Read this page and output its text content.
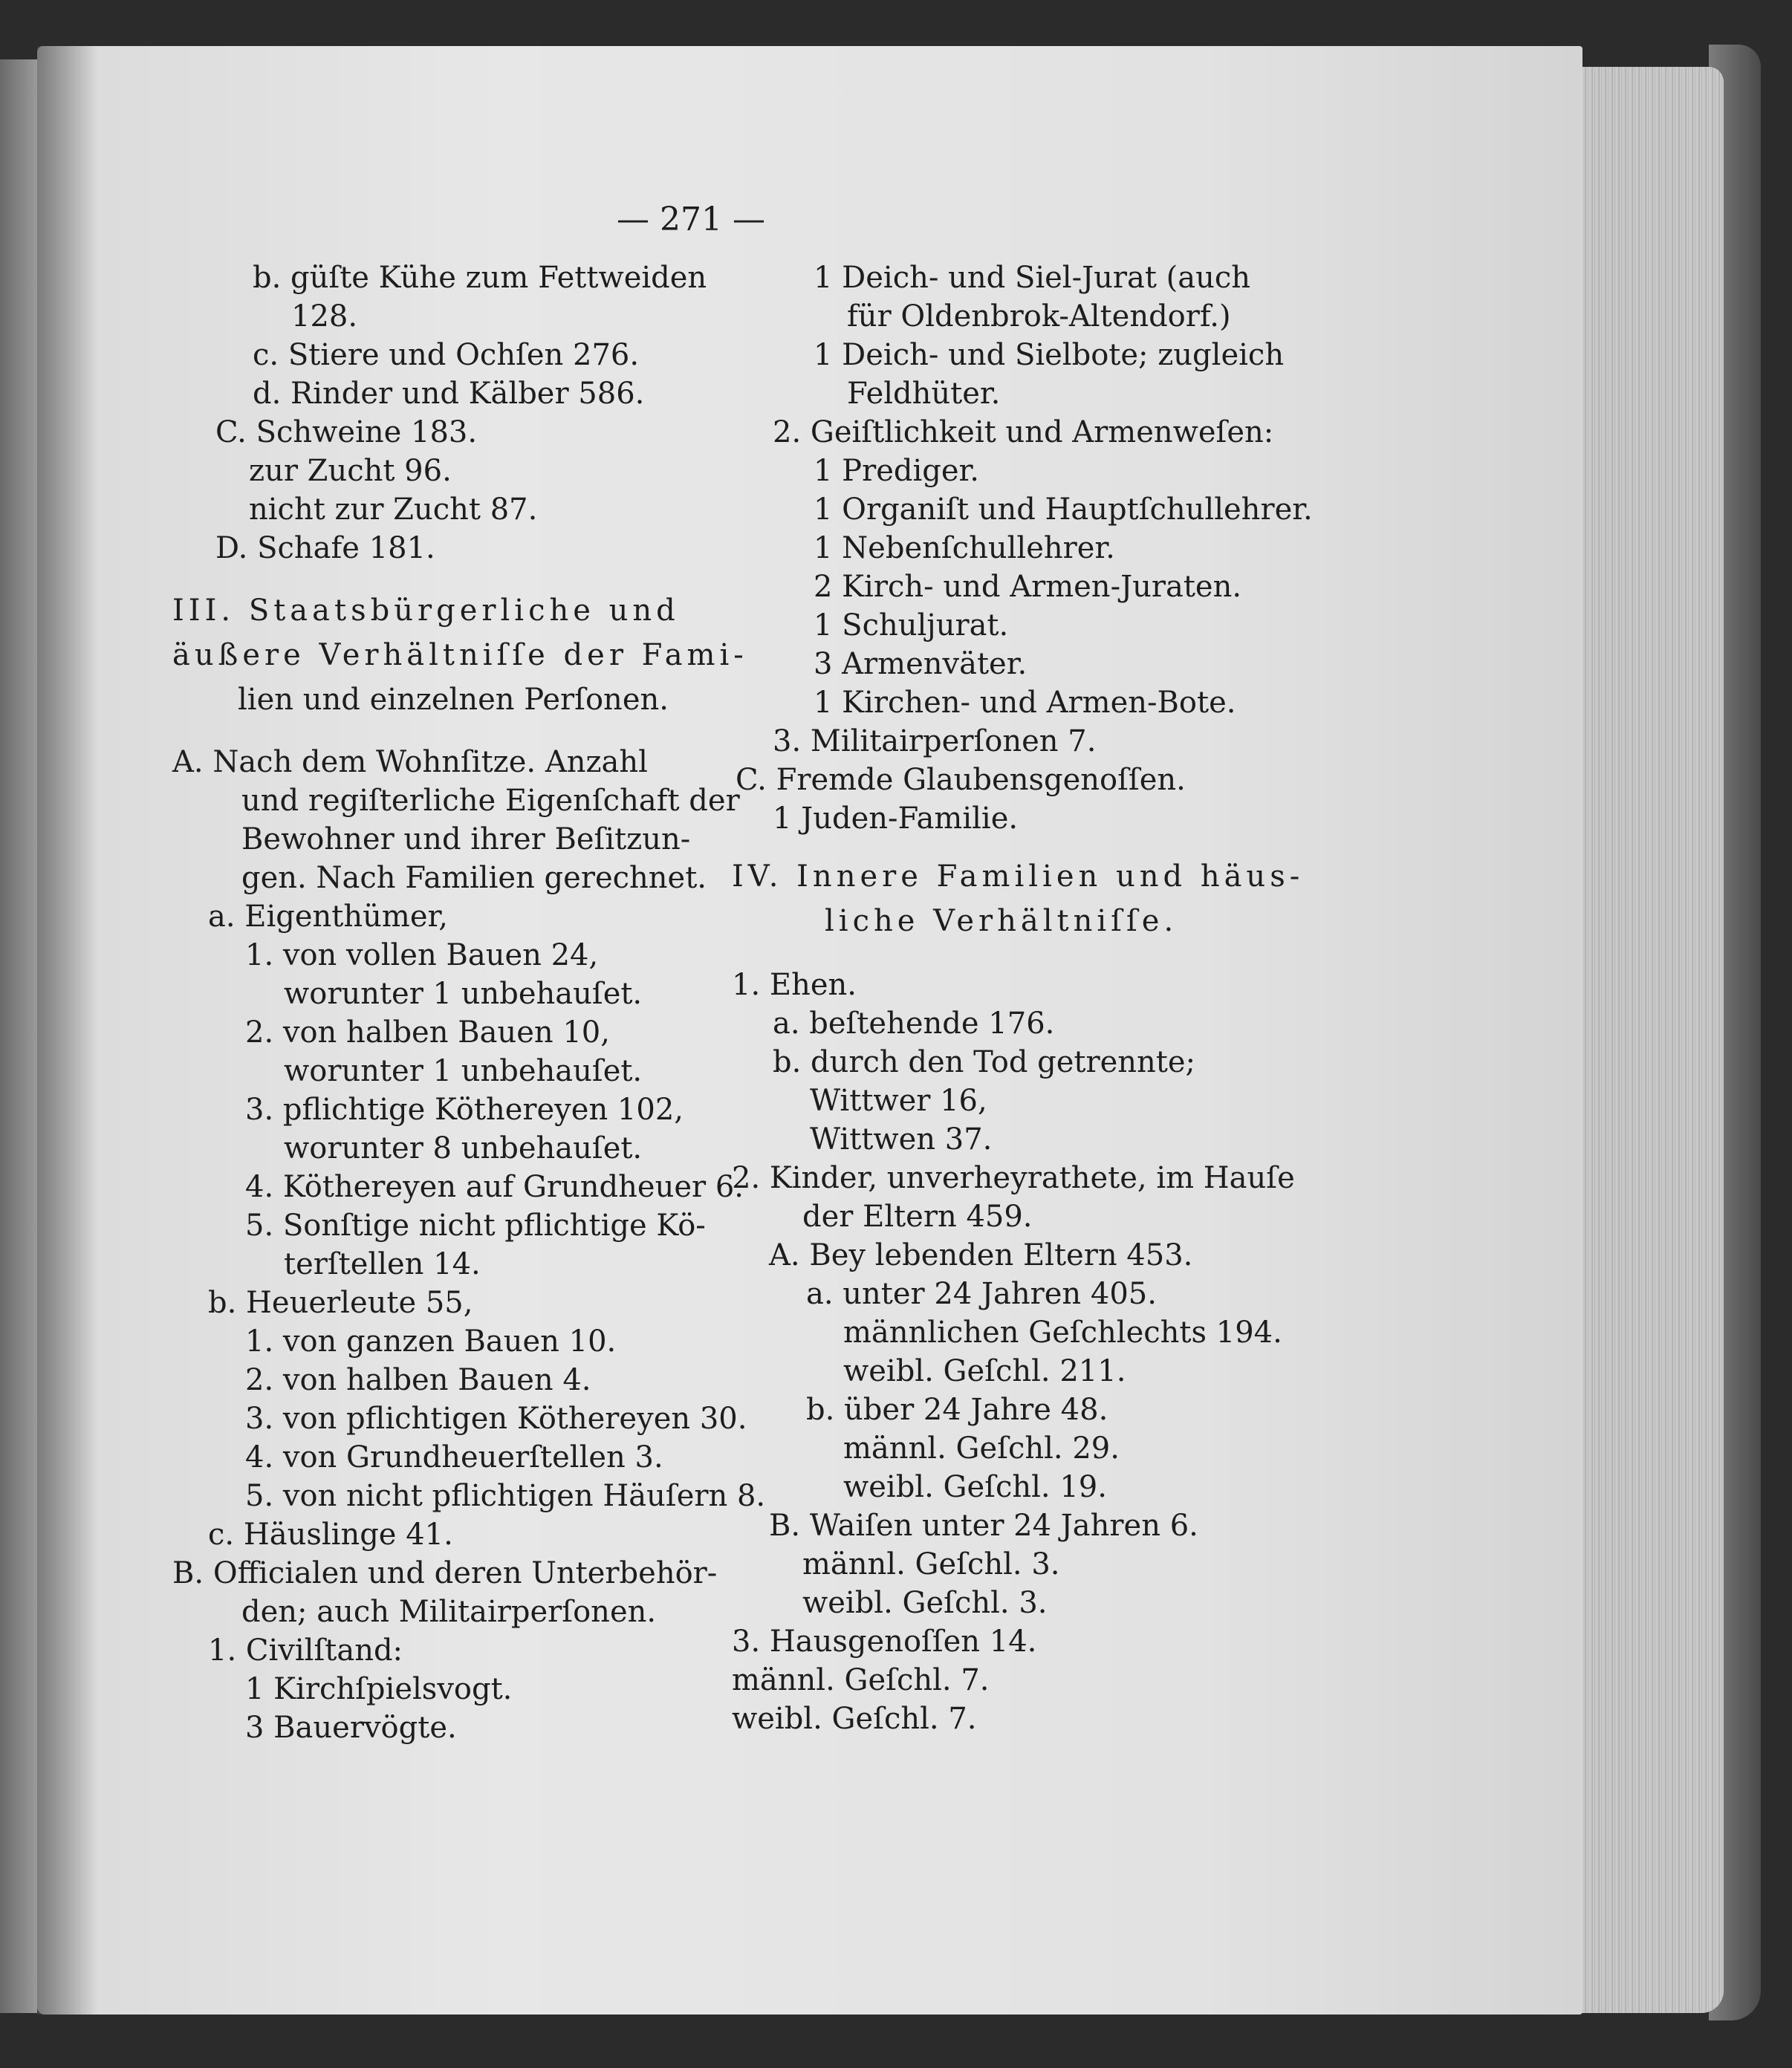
— 271 —
b. güſte Kühe zum Fettweiden
128.
c. Stiere und Ochſen 276.
d. Rinder und Kälber 586.
C. Schweine 183.
zur Zucht 96.
nicht zur Zucht 87.
D. Schafe 181.
III. Staatsbürgerliche und
äußere Verhältniſſe der Fami-
lien und einzelnen Perſonen.
A. Nach dem Wohnſitze. Anzahl
und regiſterliche Eigenſchaft der
Bewohner und ihrer Beſitzun-
gen. Nach Familien gerechnet.
a. Eigenthümer,
1. von vollen Bauen 24,
worunter 1 unbehauſet.
2. von halben Bauen 10,
worunter 1 unbehauſet.
3. pflichtige Köthereyen 102,
worunter 8 unbehauſet.
4. Köthereyen auf Grundheuer 6.
5. Sonſtige nicht pflichtige Kö-
terſtellen 14.
b. Heuerleute 55,
1. von ganzen Bauen 10.
2. von halben Bauen 4.
3. von pflichtigen Köthereyen 30.
4. von Grundheuerſtellen 3.
5. von nicht pflichtigen Häuſern 8.
c. Häuslinge 41.
B. Officialen und deren Unterbehör-
den; auch Militairperſonen.
1. Civilſtand:
1 Kirchſpielsvogt.
3 Bauervögte.
1 Deich- und Siel-Jurat (auch
für Oldenbrok-Altendorf.)
1 Deich- und Sielbote; zugleich
Feldhüter.
2. Geiſtlichkeit und Armenweſen:
1 Prediger.
1 Organiſt und Hauptſchullehrer.
1 Nebenſchullehrer.
2 Kirch- und Armen-Juraten.
1 Schuljurat.
3 Armenväter.
1 Kirchen- und Armen-Bote.
3. Militairperſonen 7.
C. Fremde Glaubensgenoſſen.
1 Juden-Familie.
IV. Innere Familien und häus-
liche Verhältniſſe.
1. Ehen.
a. beſtehende 176.
b. durch den Tod getrennte;
Wittwer 16,
Wittwen 37.
2. Kinder, unverheyrathete, im Hauſe
der Eltern 459.
A. Bey lebenden Eltern 453.
a. unter 24 Jahren 405.
männlichen Geſchlechts 194.
weibl. Geſchl. 211.
b. über 24 Jahre 48.
männl. Geſchl. 29.
weibl. Geſchl. 19.
B. Waiſen unter 24 Jahren 6.
männl. Geſchl. 3.
weibl. Geſchl. 3.
3. Hausgenoſſen 14.
männl. Geſchl. 7.
weibl. Geſchl. 7.
